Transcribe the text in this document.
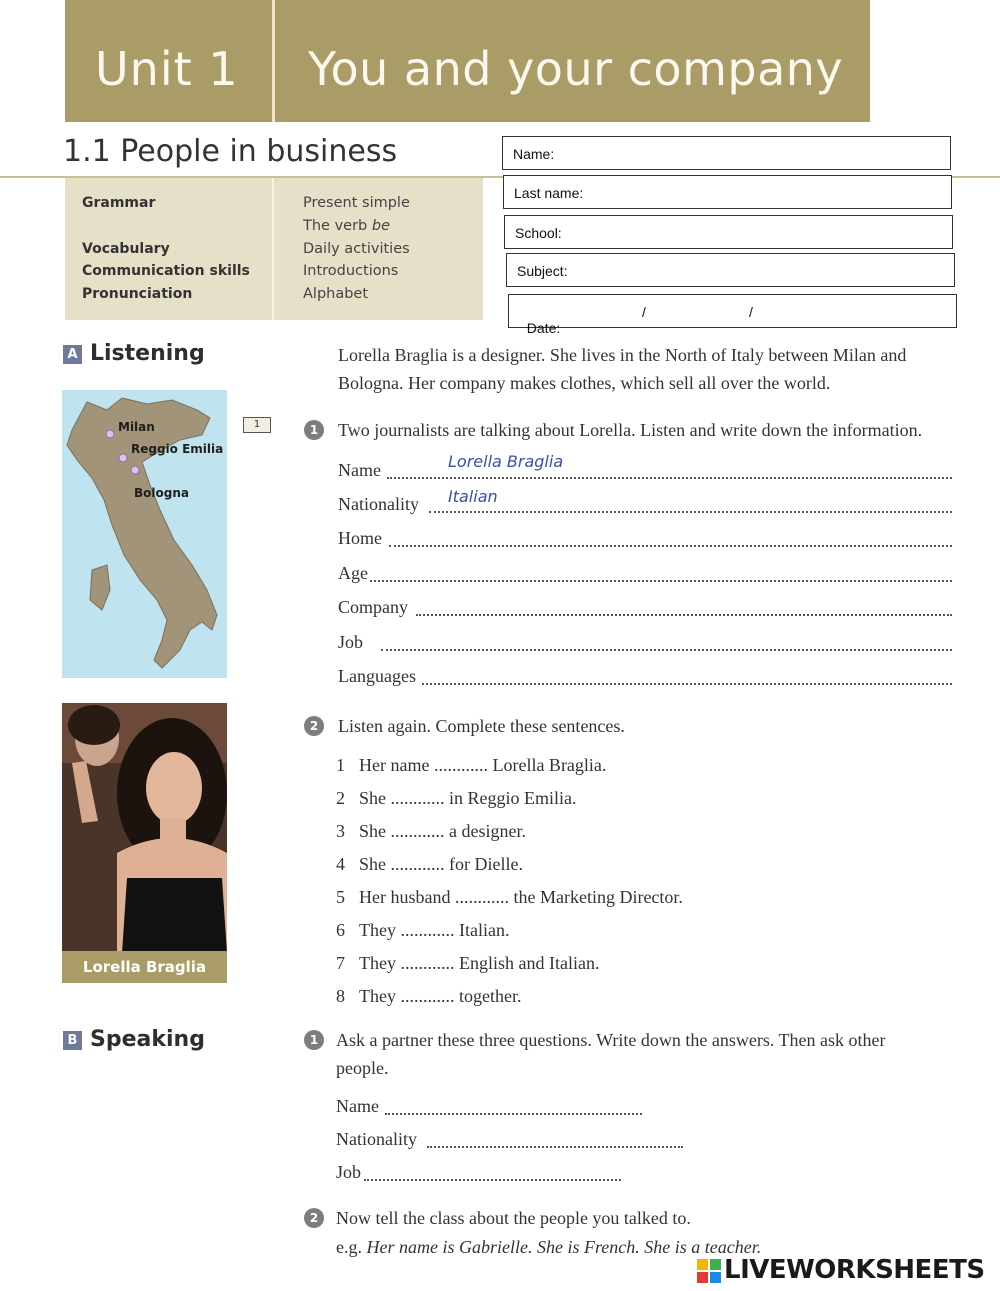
Unit 1 You and your company
1.1 People in business
Grammar	Present simple
The verb be
Vocabulary	Daily activities
Communication skills	Introductions
Pronunciation	Alphabet
Name:
Last name:
School:
Subject:

Date:

/

	/

A Listening	Lorella Braglia is a designer. She lives in the North of Italy between Milan and
Bologna. Her company makes clothes, which sell all over the world.
Milan
Reggio Emilia
Bologna
1	1	Two journalists are talking about Lorella. Listen and write down the information.
Name	Lorella Braglia
Nationality Italian
Home
Age
Company
Job
Languages
Lorella Braglia
2	Listen again. Complete these sentences.
1 Her name ............ Lorella Braglia.
2 She ............ in Reggio Emilia.
3 She ............ a designer.
4 She ............ for Dielle.
5 Her husband ............ the Marketing Director.
6 They ............ Italian.
7 They ............ English and Italian.
8 They ............ together.
B Speaking	1 Ask a partner these three questions. Write down the answers. Then ask other
people.
Name
Nationality
Job
2 Now tell the class about the people you talked to.
e.g. Her name is Gabrielle. She is French. She is a teacher.
LIVEWORKSHEETS
